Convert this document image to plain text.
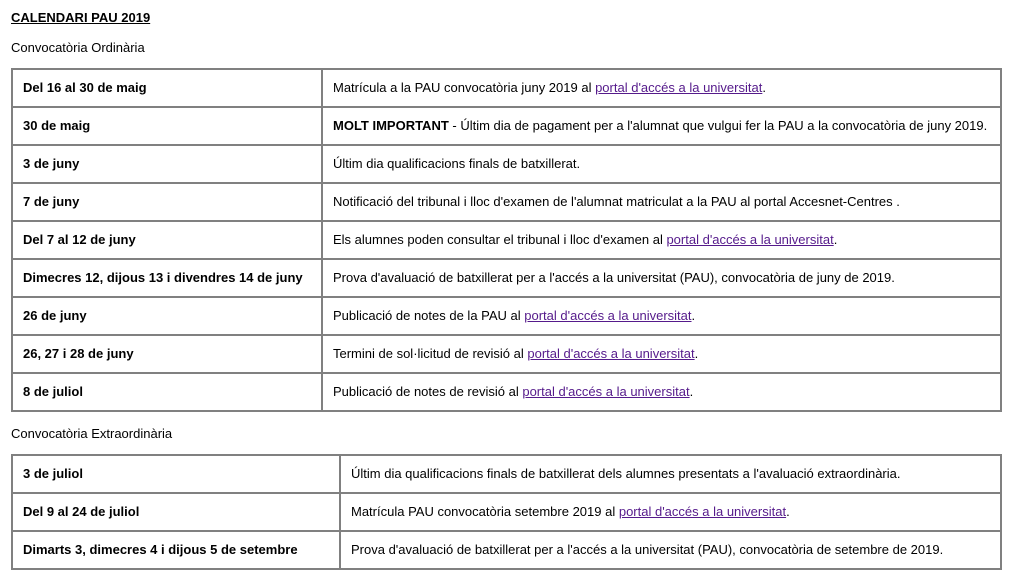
CALENDARI PAU 2019
Convocatòria Ordinària
Del 16 al 30 de maig	Matrícula a la PAU convocatòria juny 2019 al portal d'accés a la universitat.
30 de maig	MOLT IMPORTANT - Últim dia de pagament per a l'alumnat que vulgui fer la PAU a la convocatòria de juny 2019.
3 de juny	Últim dia qualificacions finals de batxillerat.
7 de juny	Notificació del tribunal i lloc d'examen de l'alumnat matriculat a la PAU al portal Accesnet-Centres .
Del 7 al 12 de juny	Els alumnes poden consultar el tribunal i lloc d'examen al portal d'accés a la universitat.
Dimecres 12, dijous 13 i divendres 14 de juny	Prova d'avaluació de batxillerat per a l'accés a la universitat (PAU), convocatòria de juny de 2019.
26 de juny	Publicació de notes de la PAU al portal d'accés a la universitat.
26, 27 i 28 de juny	Termini de sol·licitud de revisió al portal d'accés a la universitat.
8 de juliol	Publicació de notes de revisió al portal d'accés a la universitat.
Convocatòria Extraordinària
3 de juliol	Últim dia qualificacions finals de batxillerat dels alumnes presentats a l'avaluació extraordinària.
Del 9 al 24 de juliol	Matrícula PAU convocatòria setembre 2019 al portal d'accés a la universitat.
Dimarts 3, dimecres 4 i dijous 5 de setembre	Prova d'avaluació de batxillerat per a l'accés a la universitat (PAU), convocatòria de setembre de 2019.
